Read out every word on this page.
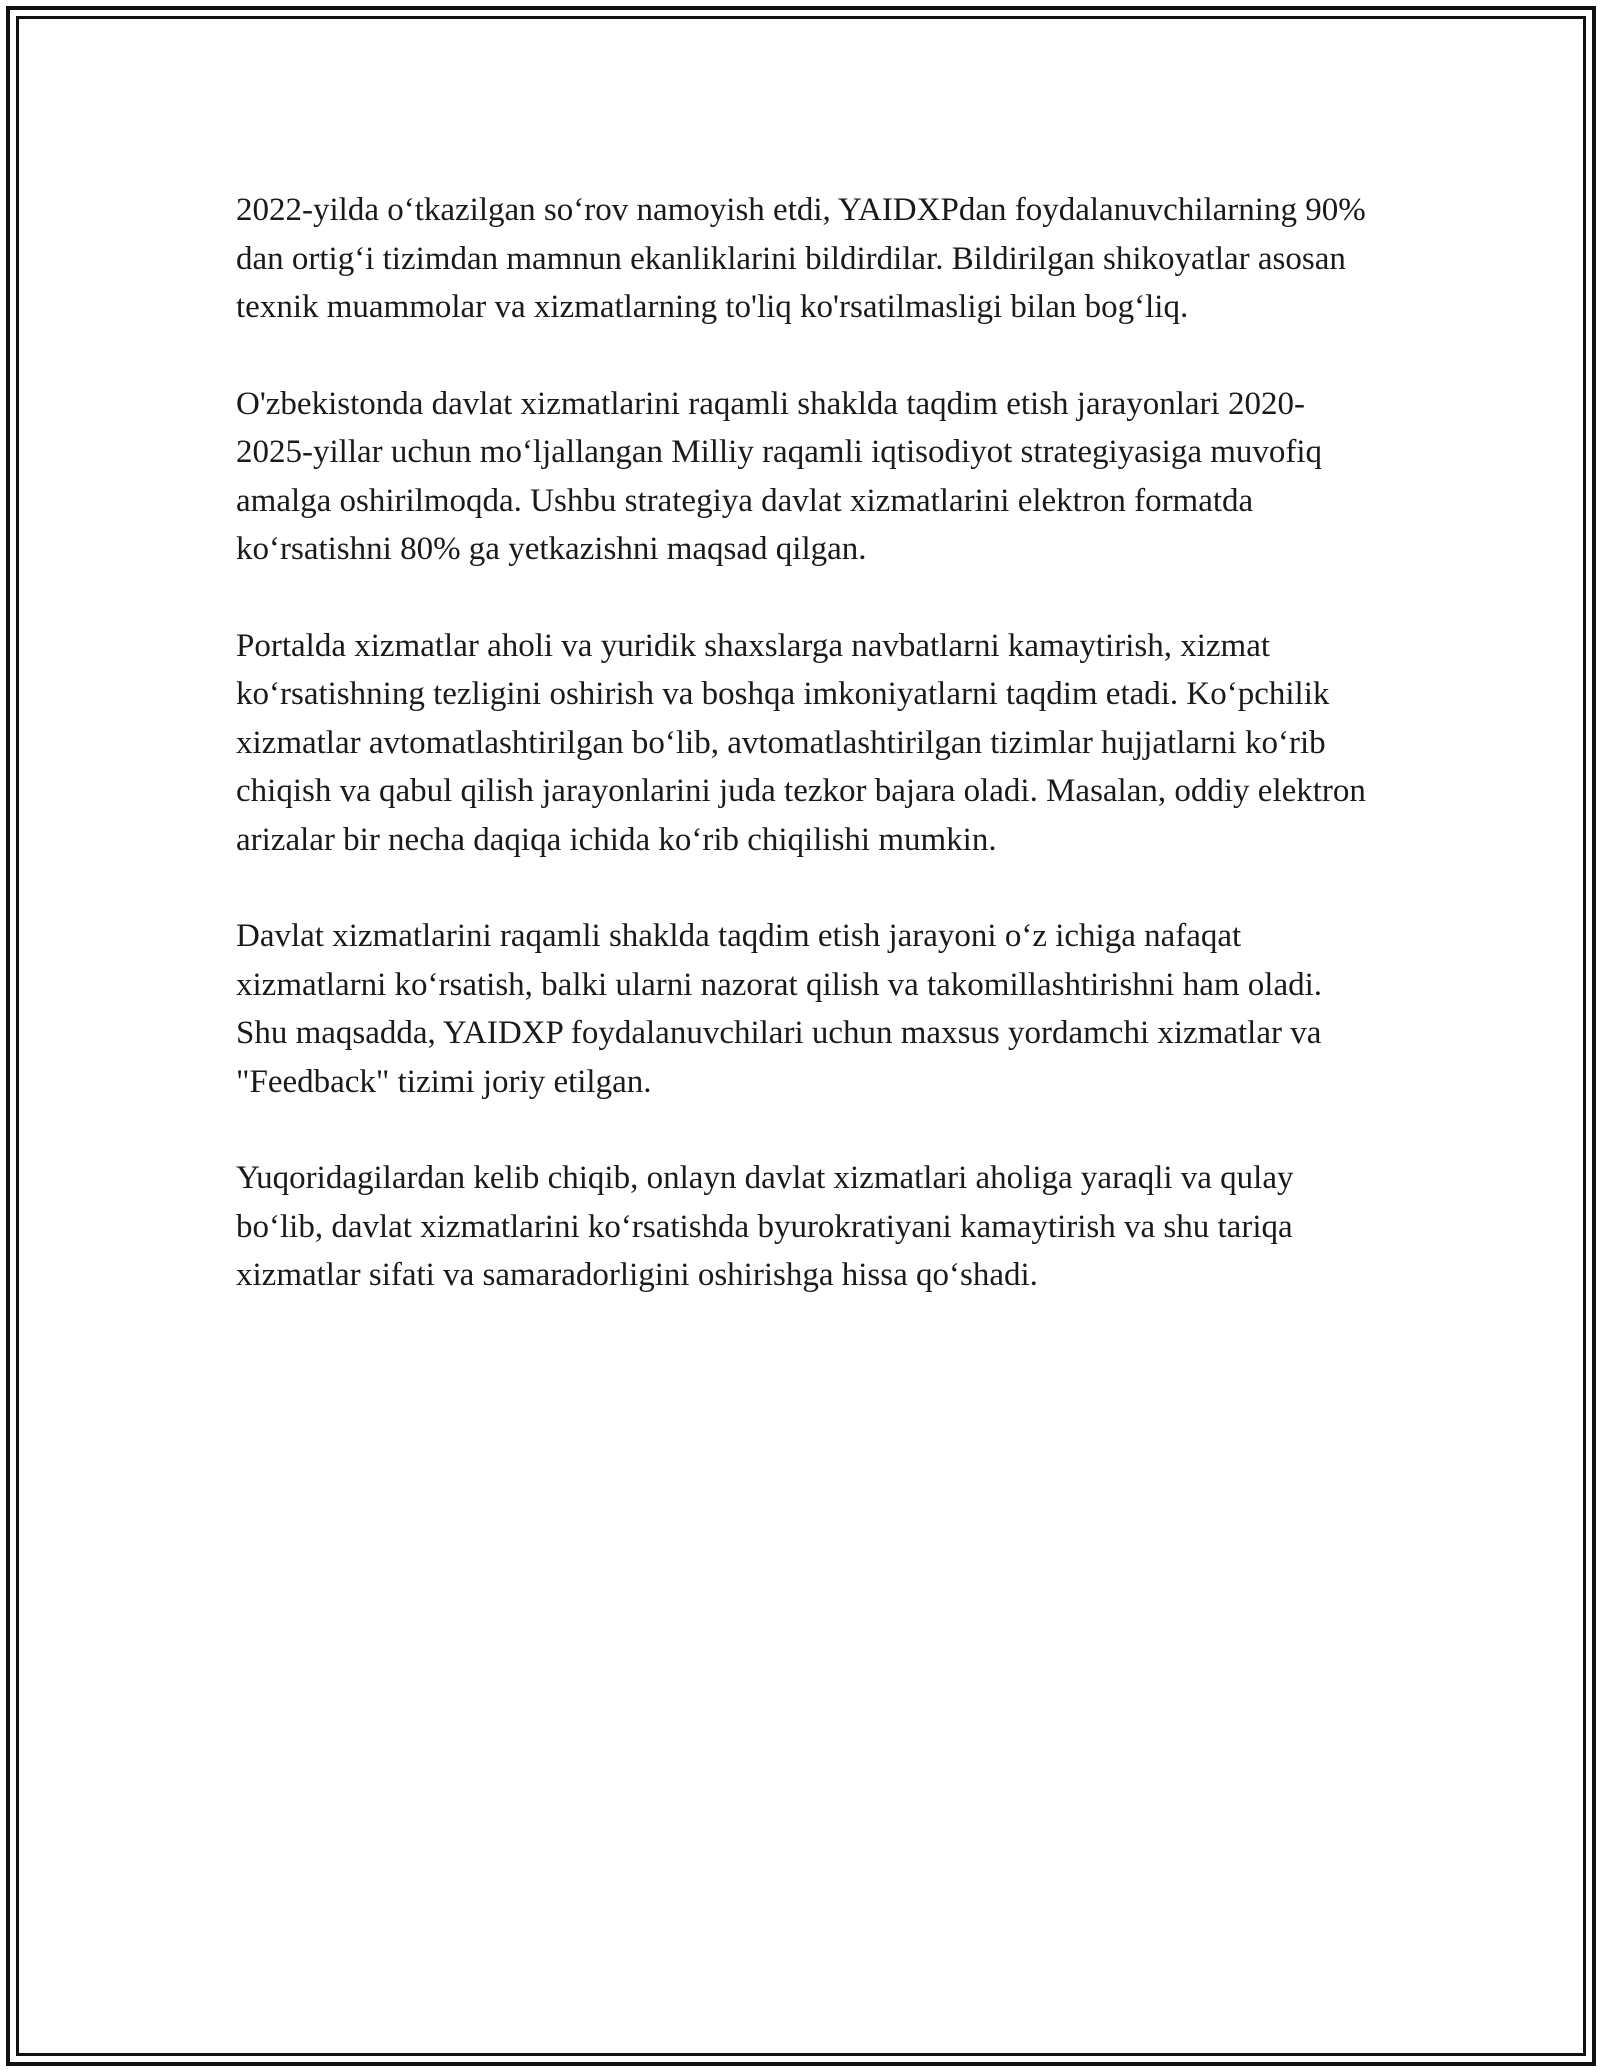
2022-yilda oʻtkazilgan soʻrov namoyish etdi, YAIDXPdan foydalanuvchilarning 90% dan ortigʻi tizimdan mamnun ekanliklarini bildirdilar. Bildirilgan shikoyatlar asosan texnik muammolar va xizmatlarning to'liq ko'rsatilmasligi bilan bogʻliq.

O'zbekistonda davlat xizmatlarini raqamli shaklda taqdim etish jarayonlari 2020-2025-yillar uchun moʻljallangan Milliy raqamli iqtisodiyot strategiyasiga muvofiq amalga oshirilmoqda. Ushbu strategiya davlat xizmatlarini elektron formatda koʻrsatishni 80% ga yetkazishni maqsad qilgan.

Portalda xizmatlar aholi va yuridik shaxslarga navbatlarni kamaytirish, xizmat koʻrsatishning tezligini oshirish va boshqa imkoniyatlarni taqdim etadi. Koʻpchilik xizmatlar avtomatlashtirilgan boʻlib, avtomatlashtirilgan tizimlar hujjatlarni koʻrib chiqish va qabul qilish jarayonlarini juda tezkor bajara oladi. Masalan, oddiy elektron arizalar bir necha daqiqa ichida koʻrib chiqilishi mumkin.

Davlat xizmatlarini raqamli shaklda taqdim etish jarayoni oʻz ichiga nafaqat xizmatlarni koʻrsatish, balki ularni nazorat qilish va takomillashtirishni ham oladi. Shu maqsadda, YAIDXP foydalanuvchilari uchun maxsus yordamchi xizmatlar va "Feedback" tizimi joriy etilgan.

Yuqoridagilardan kelib chiqib, onlayn davlat xizmatlari aholiga yaraqli va qulay boʻlib, davlat xizmatlarini koʻrsatishda byurokratiyani kamaytirish va shu tariqa xizmatlar sifati va samaradorligini oshirishga hissa qoʻshadi.
